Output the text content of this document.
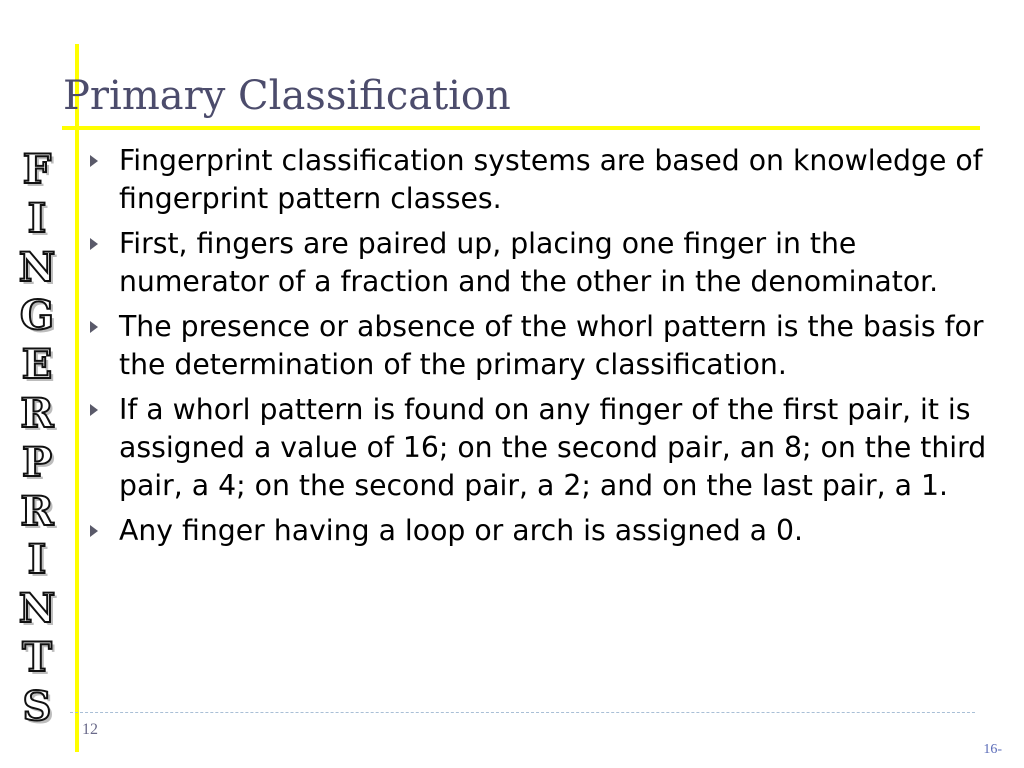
Primary Classification
F
I
N
G
E
R
P
R
I
N
T
S
Fingerprint classification systems are based on knowledge of fingerprint pattern classes.
First, fingers are paired up, placing one finger in the numerator of a fraction and the other in the denominator.
The presence or absence of the whorl pattern is the basis for the determination of the primary classification.
If a whorl pattern is found on any finger of the first pair, it is assigned a value of 16; on the second pair, an 8; on the third pair, a 4; on the second pair, a 2; and on the last pair, a 1.
Any finger having a loop or arch is assigned a 0.
12
16-
